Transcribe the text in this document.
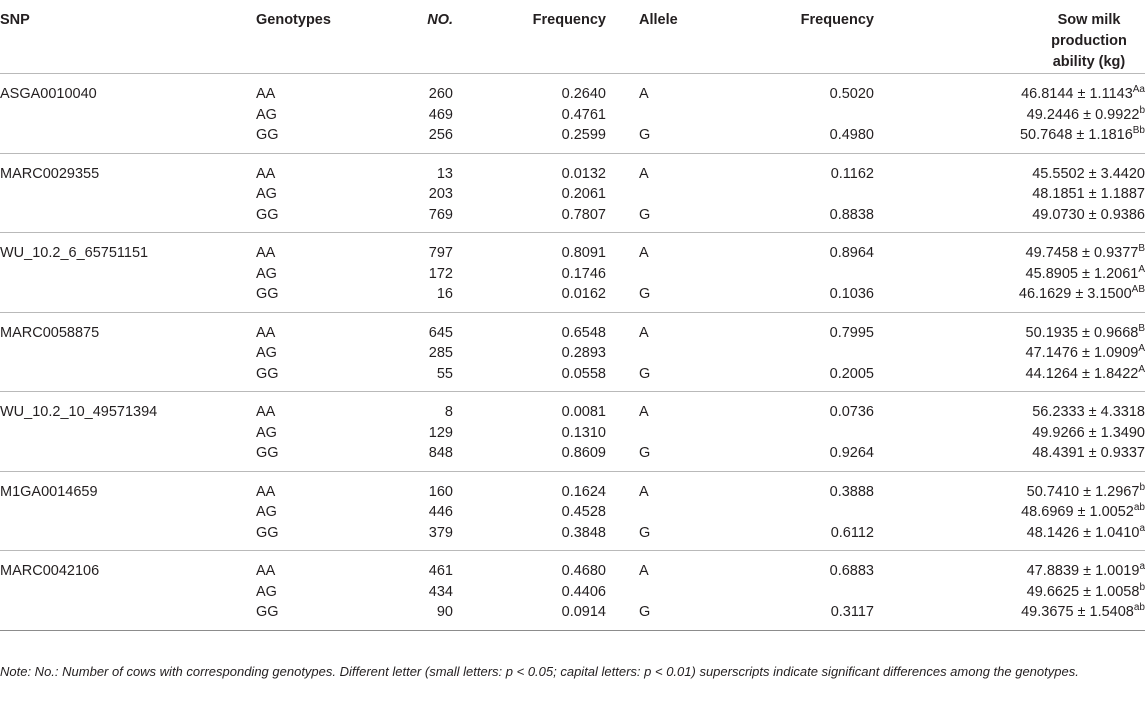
SNP	Genotypes	NO.	Frequency	Allele	Frequency	Sow milk production ability (kg)

ASGA0010040	AA	260	0.2640	A	0.5020	$46.8144 \pm 1.1143^{Aa}$
	AG	469	0.4761			49.2446 ± 0.9922$^b$
	GG	256	0.2599	G	0.4980	$50.7648 \pm 1.1816^{Bb}$
MARC0029355	AA	13	0.0132	A	0.1162	45.5502 ± 3.4420
	AG	203	0.2061			48.1851 ± 1.1887
	GG	769	0.7807	G	0.8838	49.0730 ± 0.9386
WU_10.2_6_65751151	AA	797	0.8091	A	0.8964	$49.7458 \pm 0.9377^B$
	AG	172	0.1746			$45.8905 \pm 1.2061^A$
	GG	16	0.0162	G	0.1036	$46.1629 \pm 3.1500^{AB}$
MARC0058875	AA	645	0.6548	A	0.7995	$50.1935 \pm 0.9668^B$
	AG	285	0.2893			$47.1476 \pm 1.0909^A$
	GG	55	0.0558	G	0.2005	$44.1264 \pm 1.8422^A$
WU_10.2_10_49571394	AA	8	0.0081	A	0.0736	56.2333 ± 4.3318
	AG	129	0.1310			49.9266 ± 1.3490
	GG	848	0.8609	G	0.9264	48.4391 ± 0.9337
M1GA0014659	AA	160	0.1624	A	0.3888	50.7410 ± 1.2967$^b$
	AG	446	0.4528			48.6969 ± 1.0052$^{ab}$
	GG	379	0.3848	G	0.6112	48.1426 ± 1.0410$^a$
MARC0042106	AA	461	0.4680	A	0.6883	47.8839 ± 1.0019$^a$
	AG	434	0.4406			49.6625 ± 1.0058$^b$
	GG	90	0.0914	G	0.3117	49.3675 ± 1.5408$^{ab}$
Note: No.: Number of cows with corresponding genotypes. Different letter (small letters: p < 0.05; capital letters: p < 0.01) superscripts indicate significant differences among the genotypes.
